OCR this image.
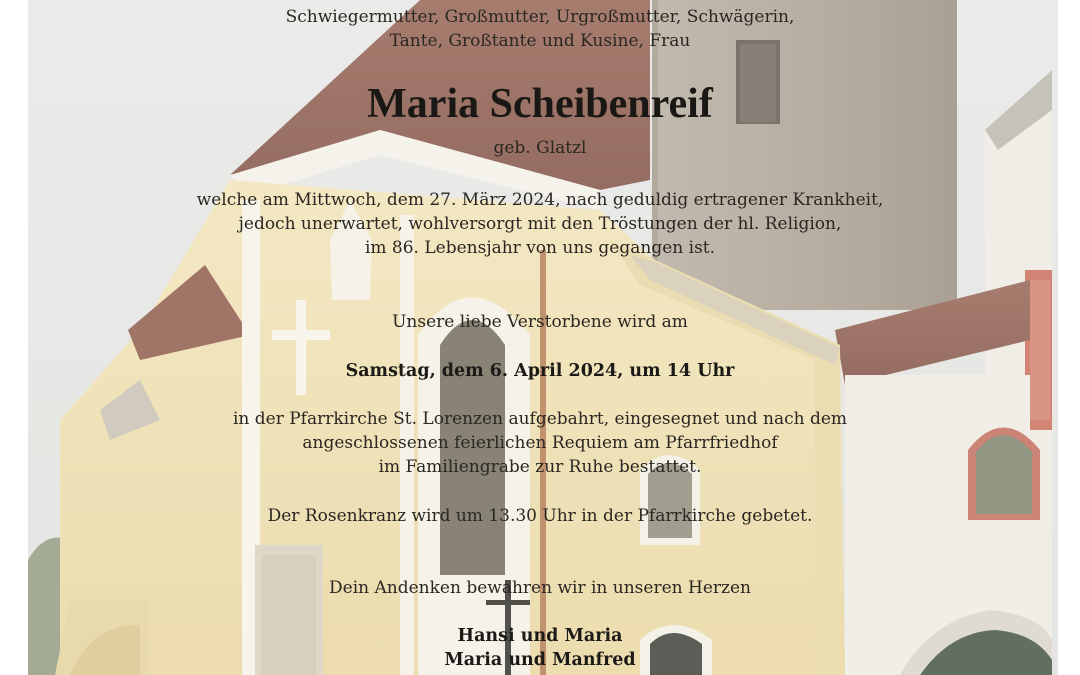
Schwiegermutter, Großmutter, Urgroßmutter, Schwägerin,
Tante, Großtante und Kusine, Frau
Maria Scheibenreif
geb. Glatzl
welche am Mittwoch, dem 27. März 2024, nach geduldig ertragener Krankheit,
jedoch unerwartet, wohlversorgt mit den Tröstungen der hl. Religion,
im 86. Lebensjahr von uns gegangen ist.
Unsere liebe Verstorbene wird am
Samstag, dem 6. April 2024, um 14 Uhr
in der Pfarrkirche St. Lorenzen aufgebahrt, eingesegnet und nach dem
angeschlossenen feierlichen Requiem am Pfarrfriedhof
im Familiengrabe zur Ruhe bestattet.
Der Rosenkranz wird um 13.30 Uhr in der Pfarrkirche gebetet.
Dein Andenken bewahren wir in unseren Herzen
Hansi und Maria
Maria und Manfred
